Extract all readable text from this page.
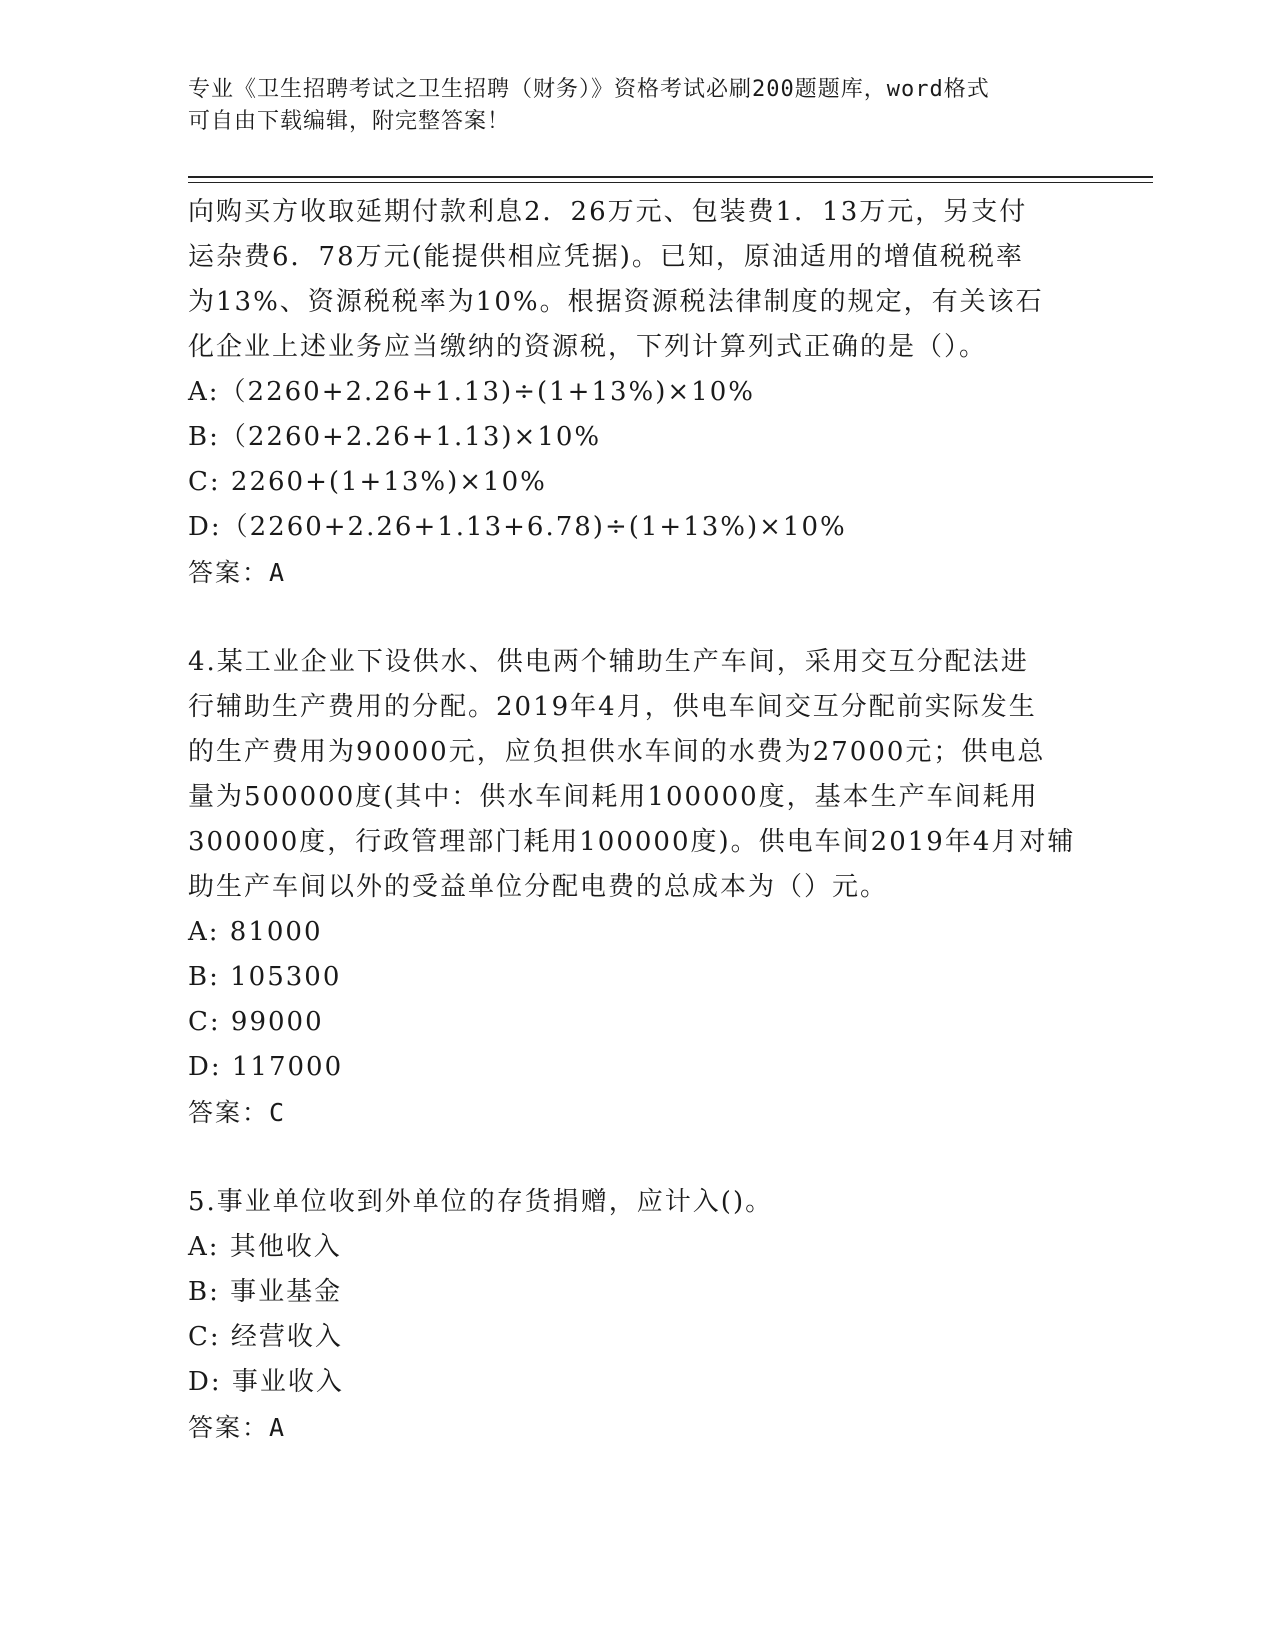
专业《卫生招聘考试之卫生招聘（财务）》资格考试必刷200题题库，word格式
可自由下载编辑，附完整答案！

向购买方收取延期付款利息2．26万元、包装费1．13万元，另支付

运杂费6．78万元(能提供相应凭据)。已知，原油适用的增值税税率

为13%、资源税税率为10%。根据资源税法律制度的规定，有关该石

化企业上述业务应当缴纳的资源税，下列计算列式正确的是（）。

A:（2260+2.26+1.13)÷(1+13%)×10%

B:（2260+2.26+1.13)×10%

C: 2260+(1+13%)×10%

D:（2260+2.26+1.13+6.78)÷(1+13%)×10%

答案：A

4.某工业企业下设供水、供电两个辅助生产车间，采用交互分配法进

行辅助生产费用的分配。2019年4月，供电车间交互分配前实际发生

的生产费用为90000元，应负担供水车间的水费为27000元；供电总

量为500000度(其中：供水车间耗用100000度，基本生产车间耗用

300000度，行政管理部门耗用100000度)。供电车间2019年4月对辅

助生产车间以外的受益单位分配电费的总成本为（）元。

A: 81000

B: 105300

C: 99000

D: 117000

答案：C

5.事业单位收到外单位的存货捐赠，应计入()。

A: 其他收入

B: 事业基金

C: 经营收入

D: 事业收入

答案：A
